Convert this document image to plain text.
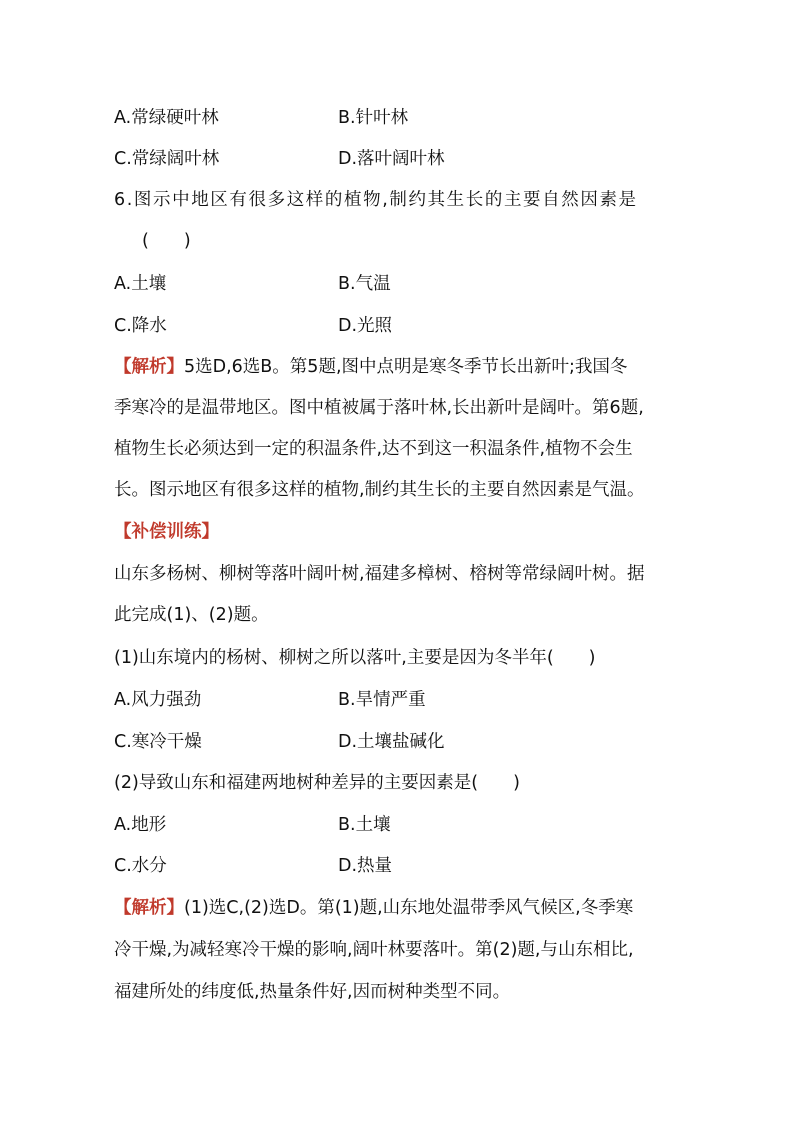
A.常绿硬叶林	B.针叶林
C.常绿阔叶林	D.落叶阔叶林
6.图示中地区有很多这样的植物,制约其生长的主要自然因素是
(　　)
A.土壤	B.气温
C.降水	D.光照
【解析】5选D,6选B。第5题,图中点明是寒冬季节长出新叶;我国冬
季寒冷的是温带地区。图中植被属于落叶林,长出新叶是阔叶。第6题,
植物生长必须达到一定的积温条件,达不到这一积温条件,植物不会生
长。图示地区有很多这样的植物,制约其生长的主要自然因素是气温。
【补偿训练】
山东多杨树、柳树等落叶阔叶树,福建多樟树、榕树等常绿阔叶树。据
此完成(1)、(2)题。
(1)山东境内的杨树、柳树之所以落叶,主要是因为冬半年(　　)
A.风力强劲	B.旱情严重
C.寒冷干燥	D.土壤盐碱化
(2)导致山东和福建两地树种差异的主要因素是(　　)
A.地形	B.土壤
C.水分	D.热量
【解析】(1)选C,(2)选D。第(1)题,山东地处温带季风气候区,冬季寒
冷干燥,为减轻寒冷干燥的影响,阔叶林要落叶。第(2)题,与山东相比,
福建所处的纬度低,热量条件好,因而树种类型不同。
